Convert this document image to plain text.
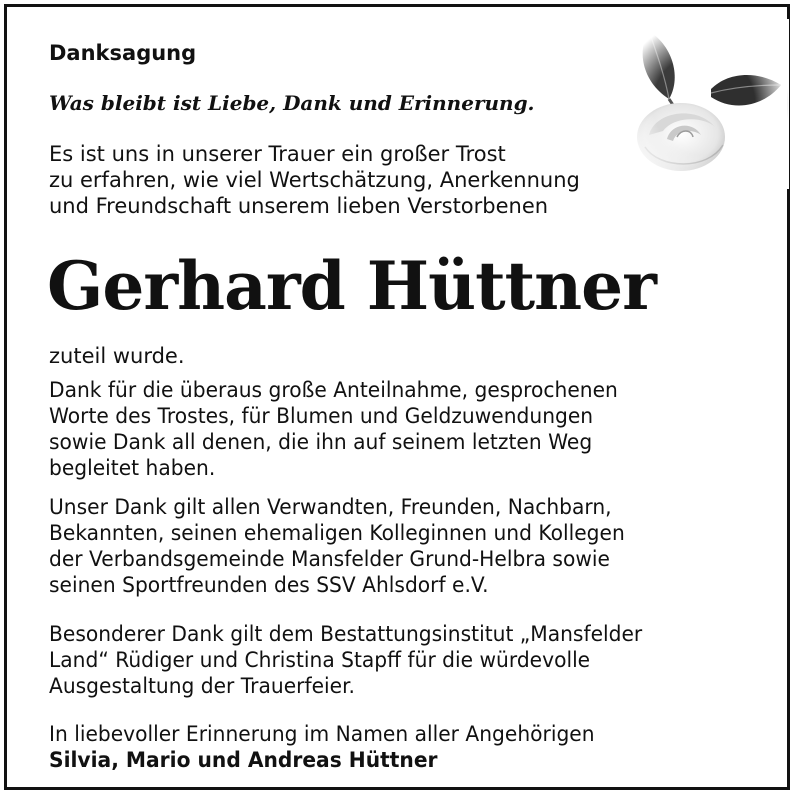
Danksagung

Was bleibt ist Liebe, Dank und Erinnerung.

Es ist uns in unserer Trauer ein großer Trost
zu erfahren, wie viel Wertschätzung, Anerkennung
und Freundschaft unserem lieben Verstorbenen

Gerhard Hüttner

zuteil wurde.

Dank für die überaus große Anteilnahme, gesprochenen
Worte des Trostes, für Blumen und Geldzuwendungen
sowie Dank all denen, die ihn auf seinem letzten Weg
begleitet haben.

Unser Dank gilt allen Verwandten, Freunden, Nachbarn,
Bekannten, seinen ehemaligen Kolleginnen und Kollegen
der Verbandsgemeinde Mansfelder Grund-Helbra sowie
seinen Sportfreunden des SSV Ahlsdorf e.V.

Besonderer Dank gilt dem Bestattungsinstitut „Mansfelder
Land“ Rüdiger und Christina Stapff für die würdevolle
Ausgestaltung der Trauerfeier.

In liebevoller Erinnerung im Namen aller Angehörigen
Silvia, Mario und Andreas Hüttner
